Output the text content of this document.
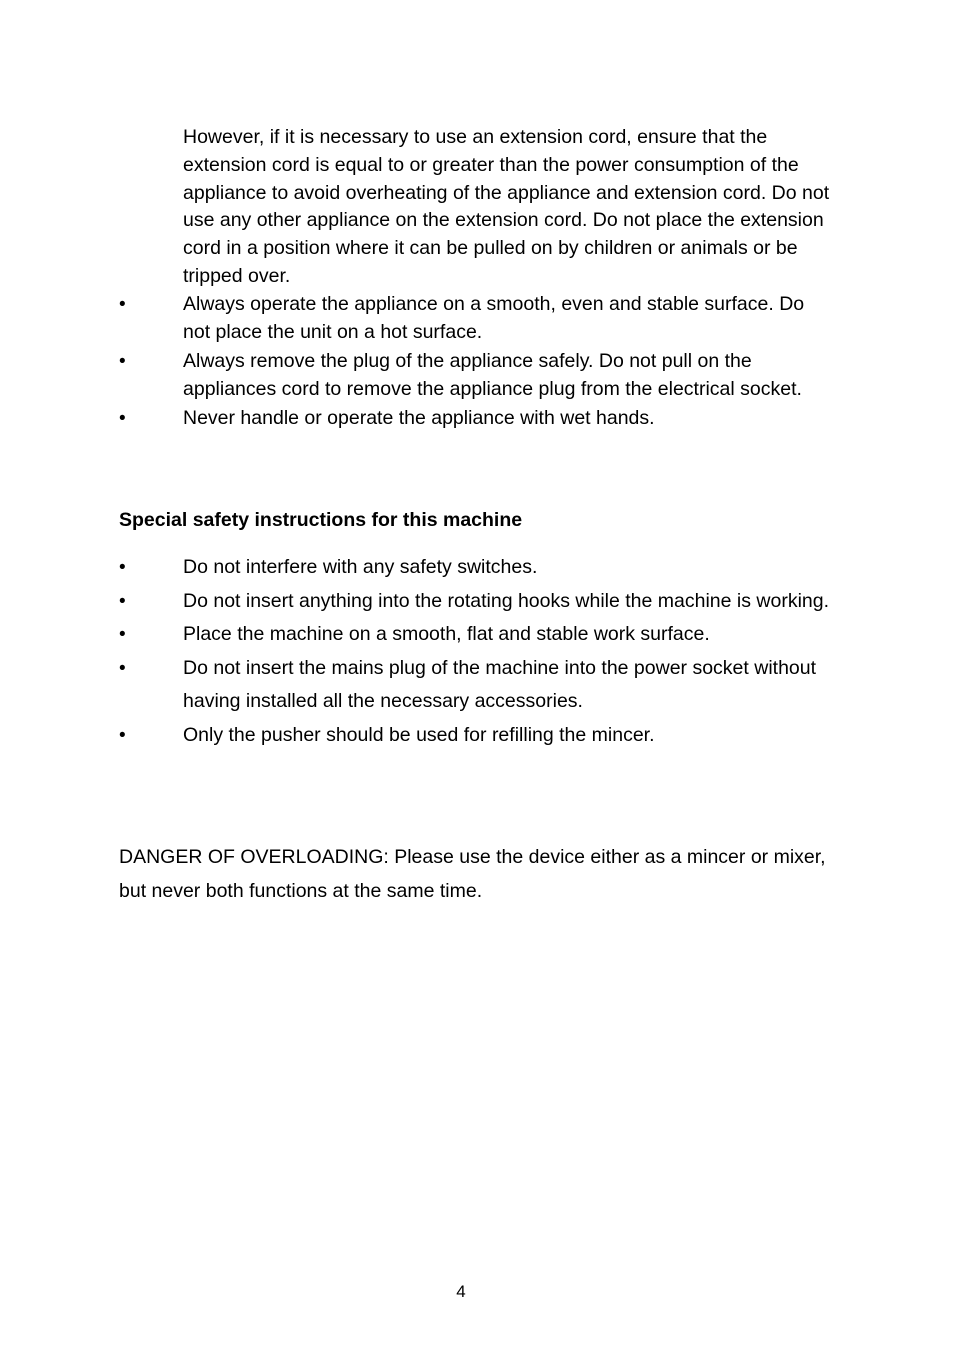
However, if it is necessary to use an extension cord, ensure that the extension cord is equal to or greater than the power consumption of the appliance to avoid overheating of the appliance and extension cord. Do not use any other appliance on the extension cord. Do not place the extension cord in a position where it can be pulled on by children or animals or be tripped over.

•	Always operate the appliance on a smooth, even and stable surface. Do not place the unit on a hot surface.
•	Always remove the plug of the appliance safely. Do not pull on the appliances cord to remove the appliance plug from the electrical socket.
•	Never handle or operate the appliance with wet hands.
Special safety instructions for this machine
•	Do not interfere with any safety switches.
•	Do not insert anything into the rotating hooks while the machine is working.
•	Place the machine on a smooth, flat and stable work surface.
•	Do not insert the mains plug of the machine into the power socket without having installed all the necessary accessories.
•	Only the pusher should be used for refilling the mincer.

DANGER OF OVERLOADING: Please use the device either as a mincer or mixer, but never both functions at the same time.

4
